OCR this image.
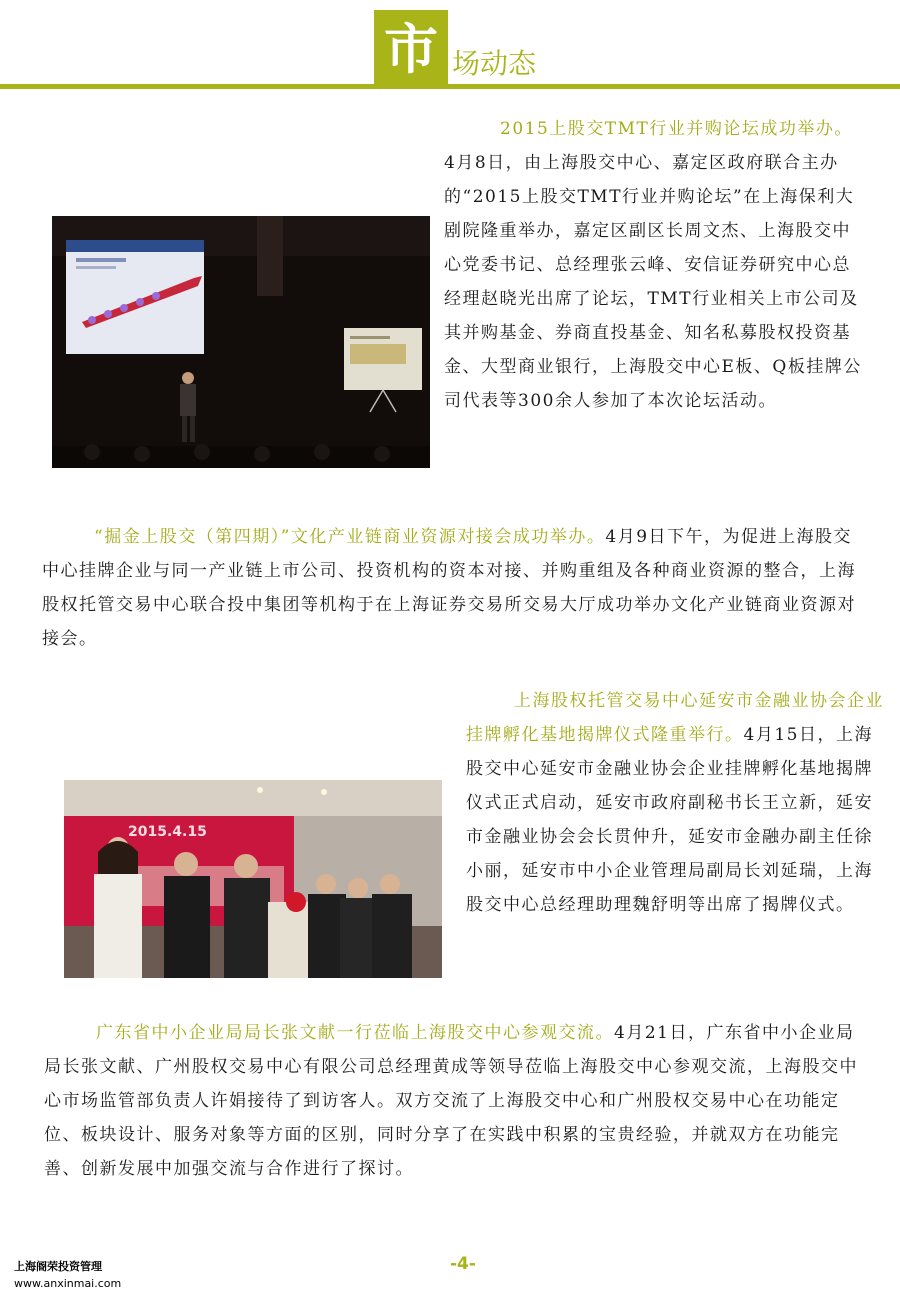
市 场动态

2015上股交TMT行业并购论坛成功举办。4月8日，由上海股交中心、嘉定区政府联合主办的“2015上股交TMT行业并购论坛”在上海保利大剧院隆重举办，嘉定区副区长周文杰、上海股交中心党委书记、总经理张云峰、安信证券研究中心总经理赵晓光出席了论坛，TMT行业相关上市公司及其并购基金、券商直投基金、知名私募股权投资基金、大型商业银行，上海股交中心E板、Q板挂牌公司代表等300余人参加了本次论坛活动。

“掘金上股交（第四期）”文化产业链商业资源对接会成功举办。4月9日下午，为促进上海股交中心挂牌企业与同一产业链上市公司、投资机构的资本对接、并购重组及各种商业资源的整合，上海股权托管交易中心联合投中集团等机构于在上海证券交易所交易大厅成功举办文化产业链商业资源对接会。

上海股权托管交易中心延安市金融业协会企业挂牌孵化基地揭牌仪式隆重举行。4月15日，上海股交中心延安市金融业协会企业挂牌孵化基地揭牌仪式正式启动，延安市政府副秘书长王立新，延安市金融业协会会长贯仲升，延安市金融办副主任徐小丽，延安市中小企业管理局副局长刘延瑞，上海股交中心总经理助理魏舒明等出席了揭牌仪式。

2015.4.15

广东省中小企业局局长张文献一行莅临上海股交中心参观交流。4月21日，广东省中小企业局局长张文献、广州股权交易中心有限公司总经理黄成等领导莅临上海股交中心参观交流，上海股交中心市场监管部负责人许娟接待了到访客人。双方交流了上海股交中心和广州股权交易中心在功能定位、板块设计、服务对象等方面的区别，同时分享了在实践中积累的宝贵经验，并就双方在功能完善、创新发展中加强交流与合作进行了探讨。

上海阍荣投资管理
www.anxinmai.com
-4-
